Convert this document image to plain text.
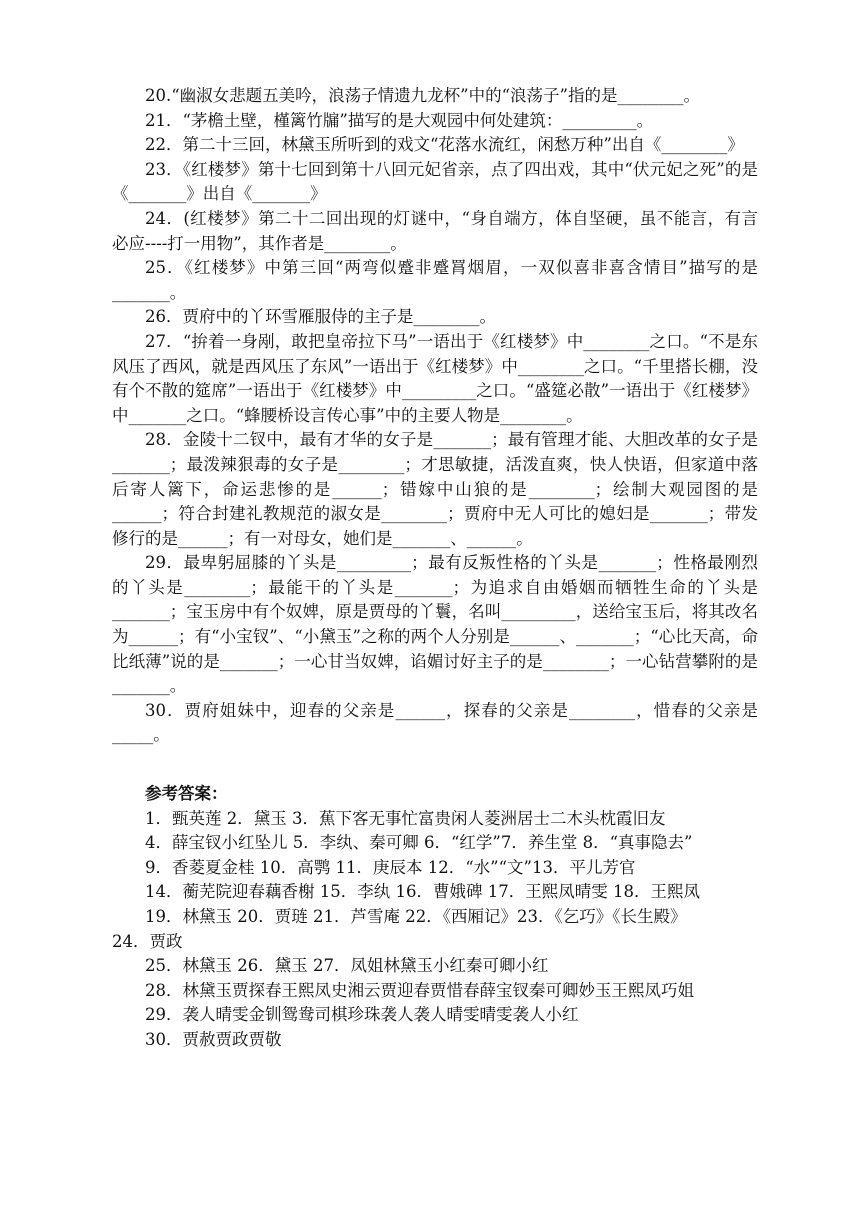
20.“幽淑女悲题五美吟，浪荡子情遗九龙杯”中的“浪荡子”指的是________。

21．“茅檐土壁，槿篱竹牖”描写的是大观园中何处建筑：_________。

22．第二十三回，林黛玉所听到的戏文“花落水流红，闲愁万种”出自《________》

23．《红楼梦》第十七回到第十八回元妃省亲，点了四出戏，其中“伏元妃之死”的是《_______》出自《_______》

24．(红楼梦》第二十二回出现的灯谜中，“身自端方，体自坚硬，虽不能言，有言必应----打一用物”，其作者是________。

25．《红楼梦》中第三回“两弯似蹙非蹙罥烟眉，一双似喜非喜含情目”描写的是_______。

26．贾府中的丫环雪雁服侍的主子是________。

27．“拚着一身剐，敢把皇帝拉下马”一语出于《红楼梦》中________之口。“不是东风压了西风，就是西风压了东风”一语出于《红楼梦》中________之口。“千里搭长棚，没有个不散的筵席”一语出于《红楼梦》中_________之口。“盛筵必散”一语出于《红楼梦》中_______之口。“蜂腰桥设言传心事”中的主要人物是________。

28．金陵十二钗中，最有才华的女子是_______；最有管理才能、大胆改革的女子是_______；最泼辣狠毒的女子是________；才思敏捷，活泼直爽，快人快语，但家道中落后寄人篱下，命运悲惨的是______；错嫁中山狼的是________；绘制大观园图的是______；符合封建礼教规范的淑女是________；贾府中无人可比的媳妇是_______；带发修行的是______；有一对母女，她们是_______、______。

29．最卑躬屈膝的丫头是_________；最有反叛性格的丫头是_______；性格最刚烈的丫头是________；最能干的丫头是_______；为追求自由婚姻而牺牲生命的丫头是_______；宝玉房中有个奴婢，原是贾母的丫鬟，名叫_________，送给宝玉后，将其改名为______；有“小宝钗”、“小黛玉”之称的两个人分别是______、_______；“心比天高，命比纸薄”说的是_______；一心甘当奴婢，谄媚讨好主子的是________；一心钻营攀附的是_______。

30．贾府姐妹中，迎春的父亲是______，探春的父亲是________，惜春的父亲是_____。

参考答案：

1．甄英莲 2．黛玉 3．蕉下客无事忙富贵闲人菱洲居士二木头枕霞旧友

4．薛宝钗小红坠儿 5．李纨、秦可卿 6．“红学”7．养生堂 8．“真事隐去”

9．香菱夏金桂 10．高鹗 11．庚辰本 12．“水”“文”13．平儿芳官

14．蘅芜院迎春藕香榭 15．李纨 16．曹娥碑 17．王熙凤晴雯 18．王熙凤

19．林黛玉 20．贾琏 21．芦雪庵 22．《西厢记》23．《乞巧》《长生殿》

24．贾政

25．林黛玉 26．黛玉 27．凤姐林黛玉小红秦可卿小红

28．林黛玉贾探春王熙凤史湘云贾迎春贾惜春薛宝钗秦可卿妙玉王熙凤巧姐

29．袭人晴雯金钏鸳鸯司棋珍珠袭人袭人晴雯晴雯袭人小红

30．贾赦贾政贾敬
